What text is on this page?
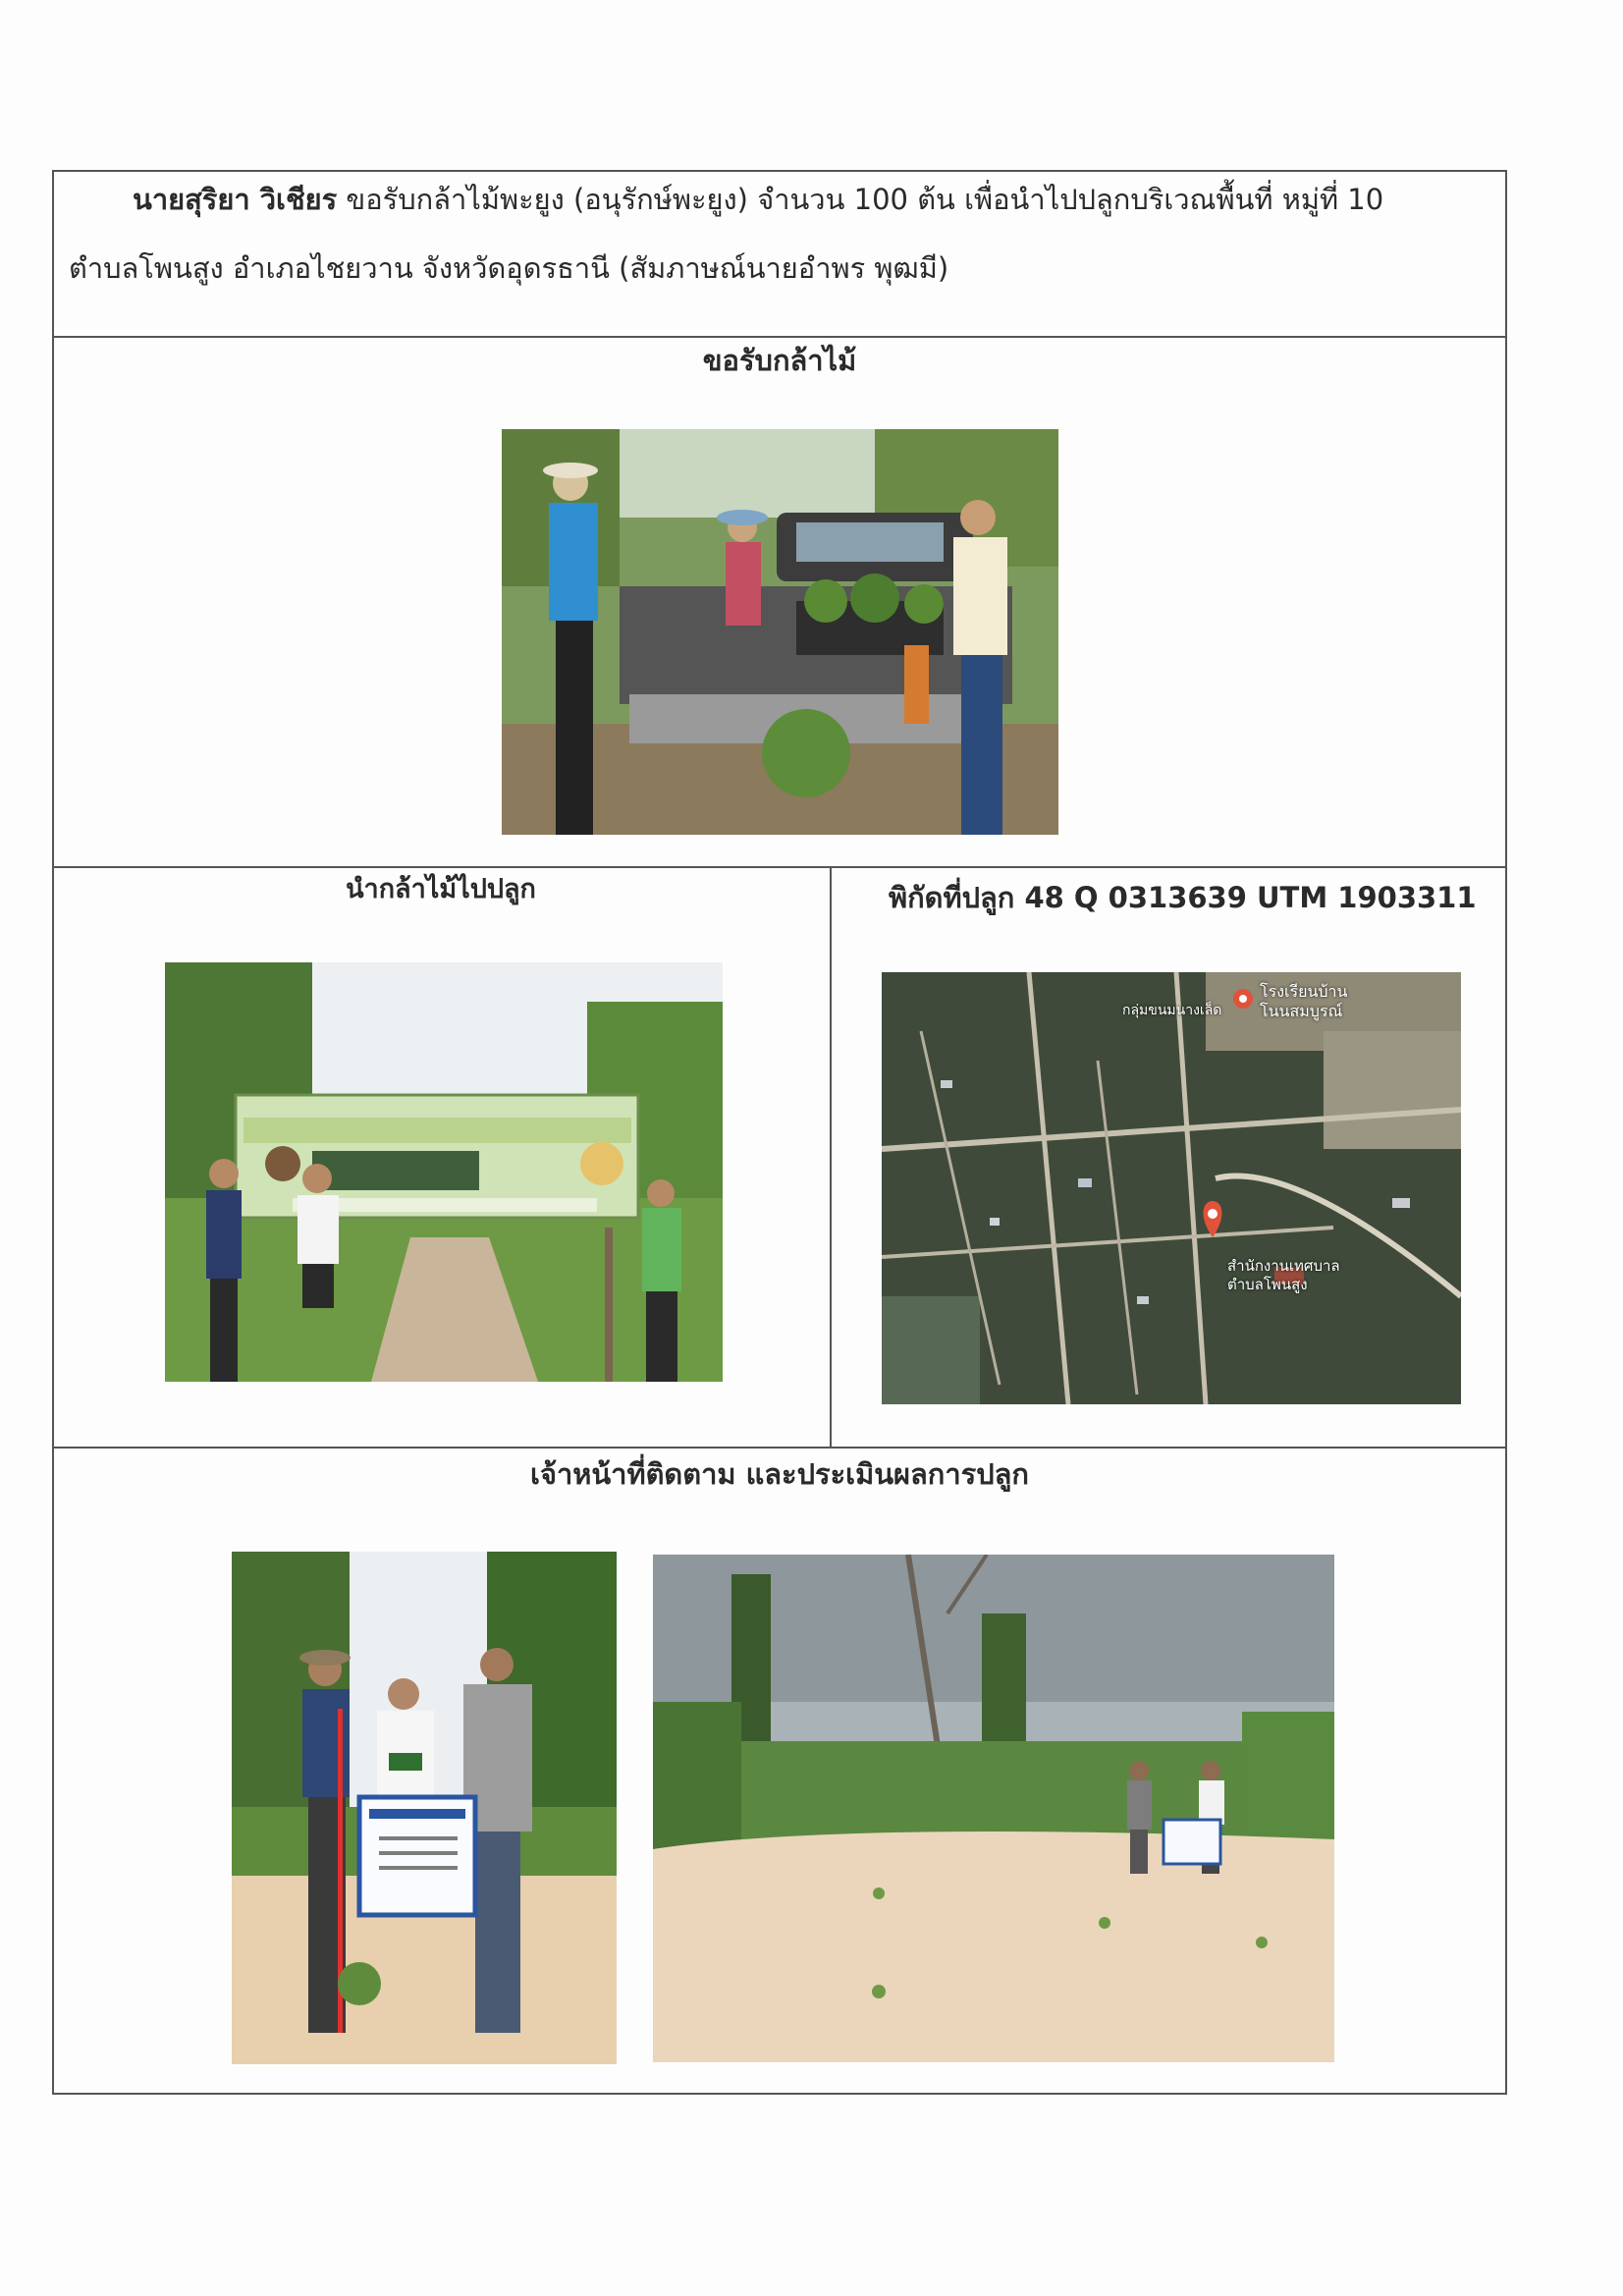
นายสุริยา วิเชียร ขอรับกล้าไม้พะยูง (อนุรักษ์พะยูง) จำนวน 100 ต้น เพื่อนำไปปลูกบริเวณพื้นที่ หมู่ที่ 10
ตำบลโพนสูง อำเภอไชยวาน จังหวัดอุดรธานี (สัมภาษณ์นายอำพร พุฒมี)
ขอรับกล้าไม้
นำกล้าไม้ไปปลูก	พิกัดที่ปลูก 48 Q 0313639 UTM 1903311
โรงเรียนบ้าน
โนนสมบูรณ์
กลุ่มขนมนางเล็ด
สำนักงานเทศบาล
ตำบลโพนสูง
เจ้าหน้าที่ติดตาม และประเมินผลการปลูก
